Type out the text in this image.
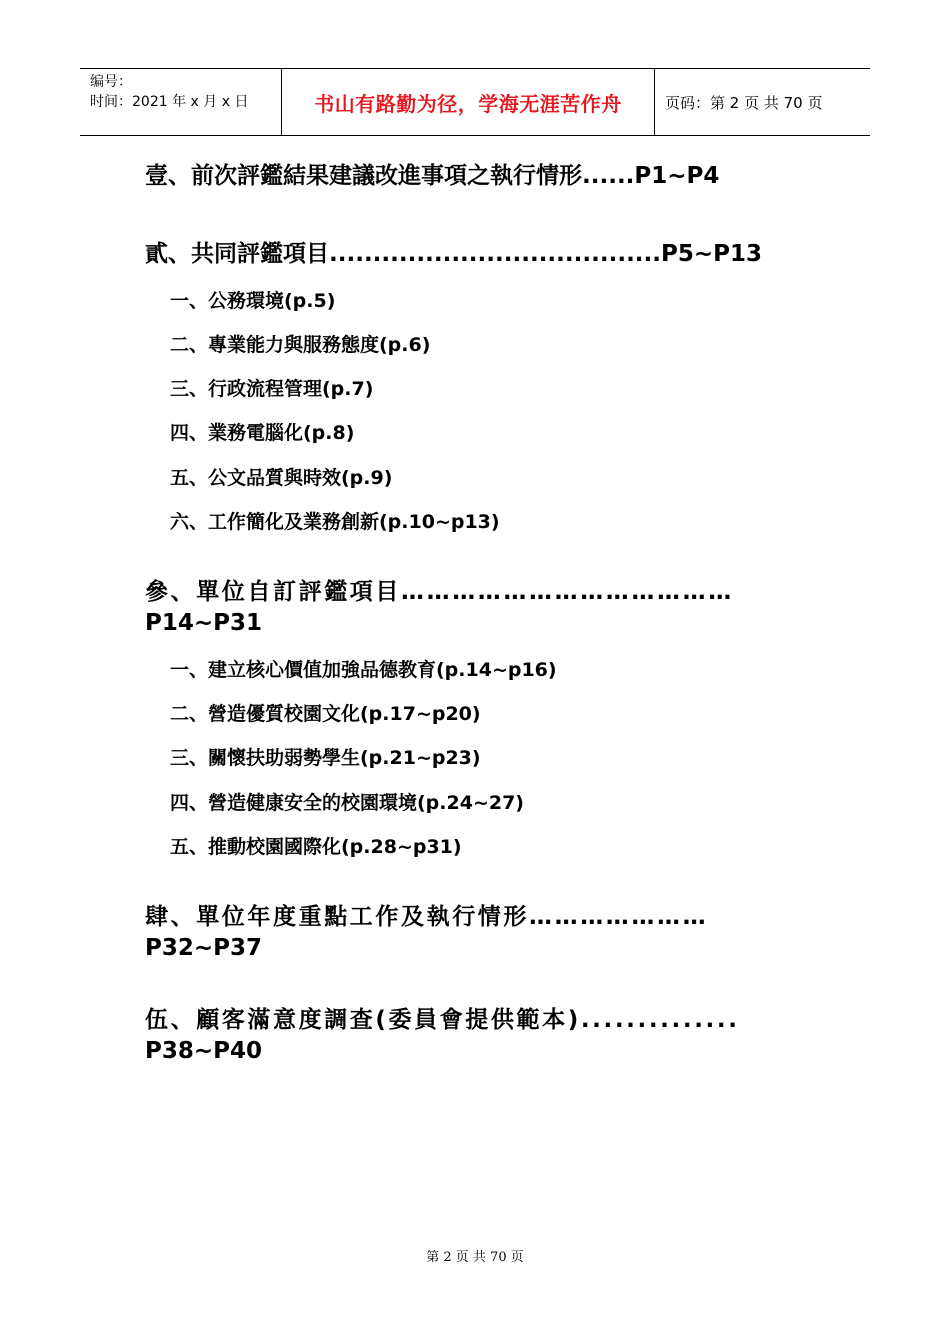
编号：
时间：2021 年 x 月 x 日	书山有路勤为径，学海无涯苦作舟	页码：第 2 页 共 70 页
壹、前次評鑑結果建議改進事項之執行情形......P1~P4
貳、共同評鑑項目......................................P5~P13
一、公務環境(p.5)
二、專業能力與服務態度(p.6)
三、行政流程管理(p.7)
四、業務電腦化(p.8)
五、公文品質與時效(p.9)
六、工作簡化及業務創新(p.10~p13)
參、單位自訂評鑑項目…………………………………
P14~P31
一、建立核心價值加強品德教育(p.14~p16)
二、營造優質校園文化(p.17~p20)
三、關懷扶助弱勢學生(p.21~p23)
四、營造健康安全的校園環境(p.24~27)
五、推動校園國際化(p.28~p31)
肆、單位年度重點工作及執行情形…………………
P32~P37
伍、顧客滿意度調查(委員會提供範本)..............
P38~P40
第 2 页 共 70 页
